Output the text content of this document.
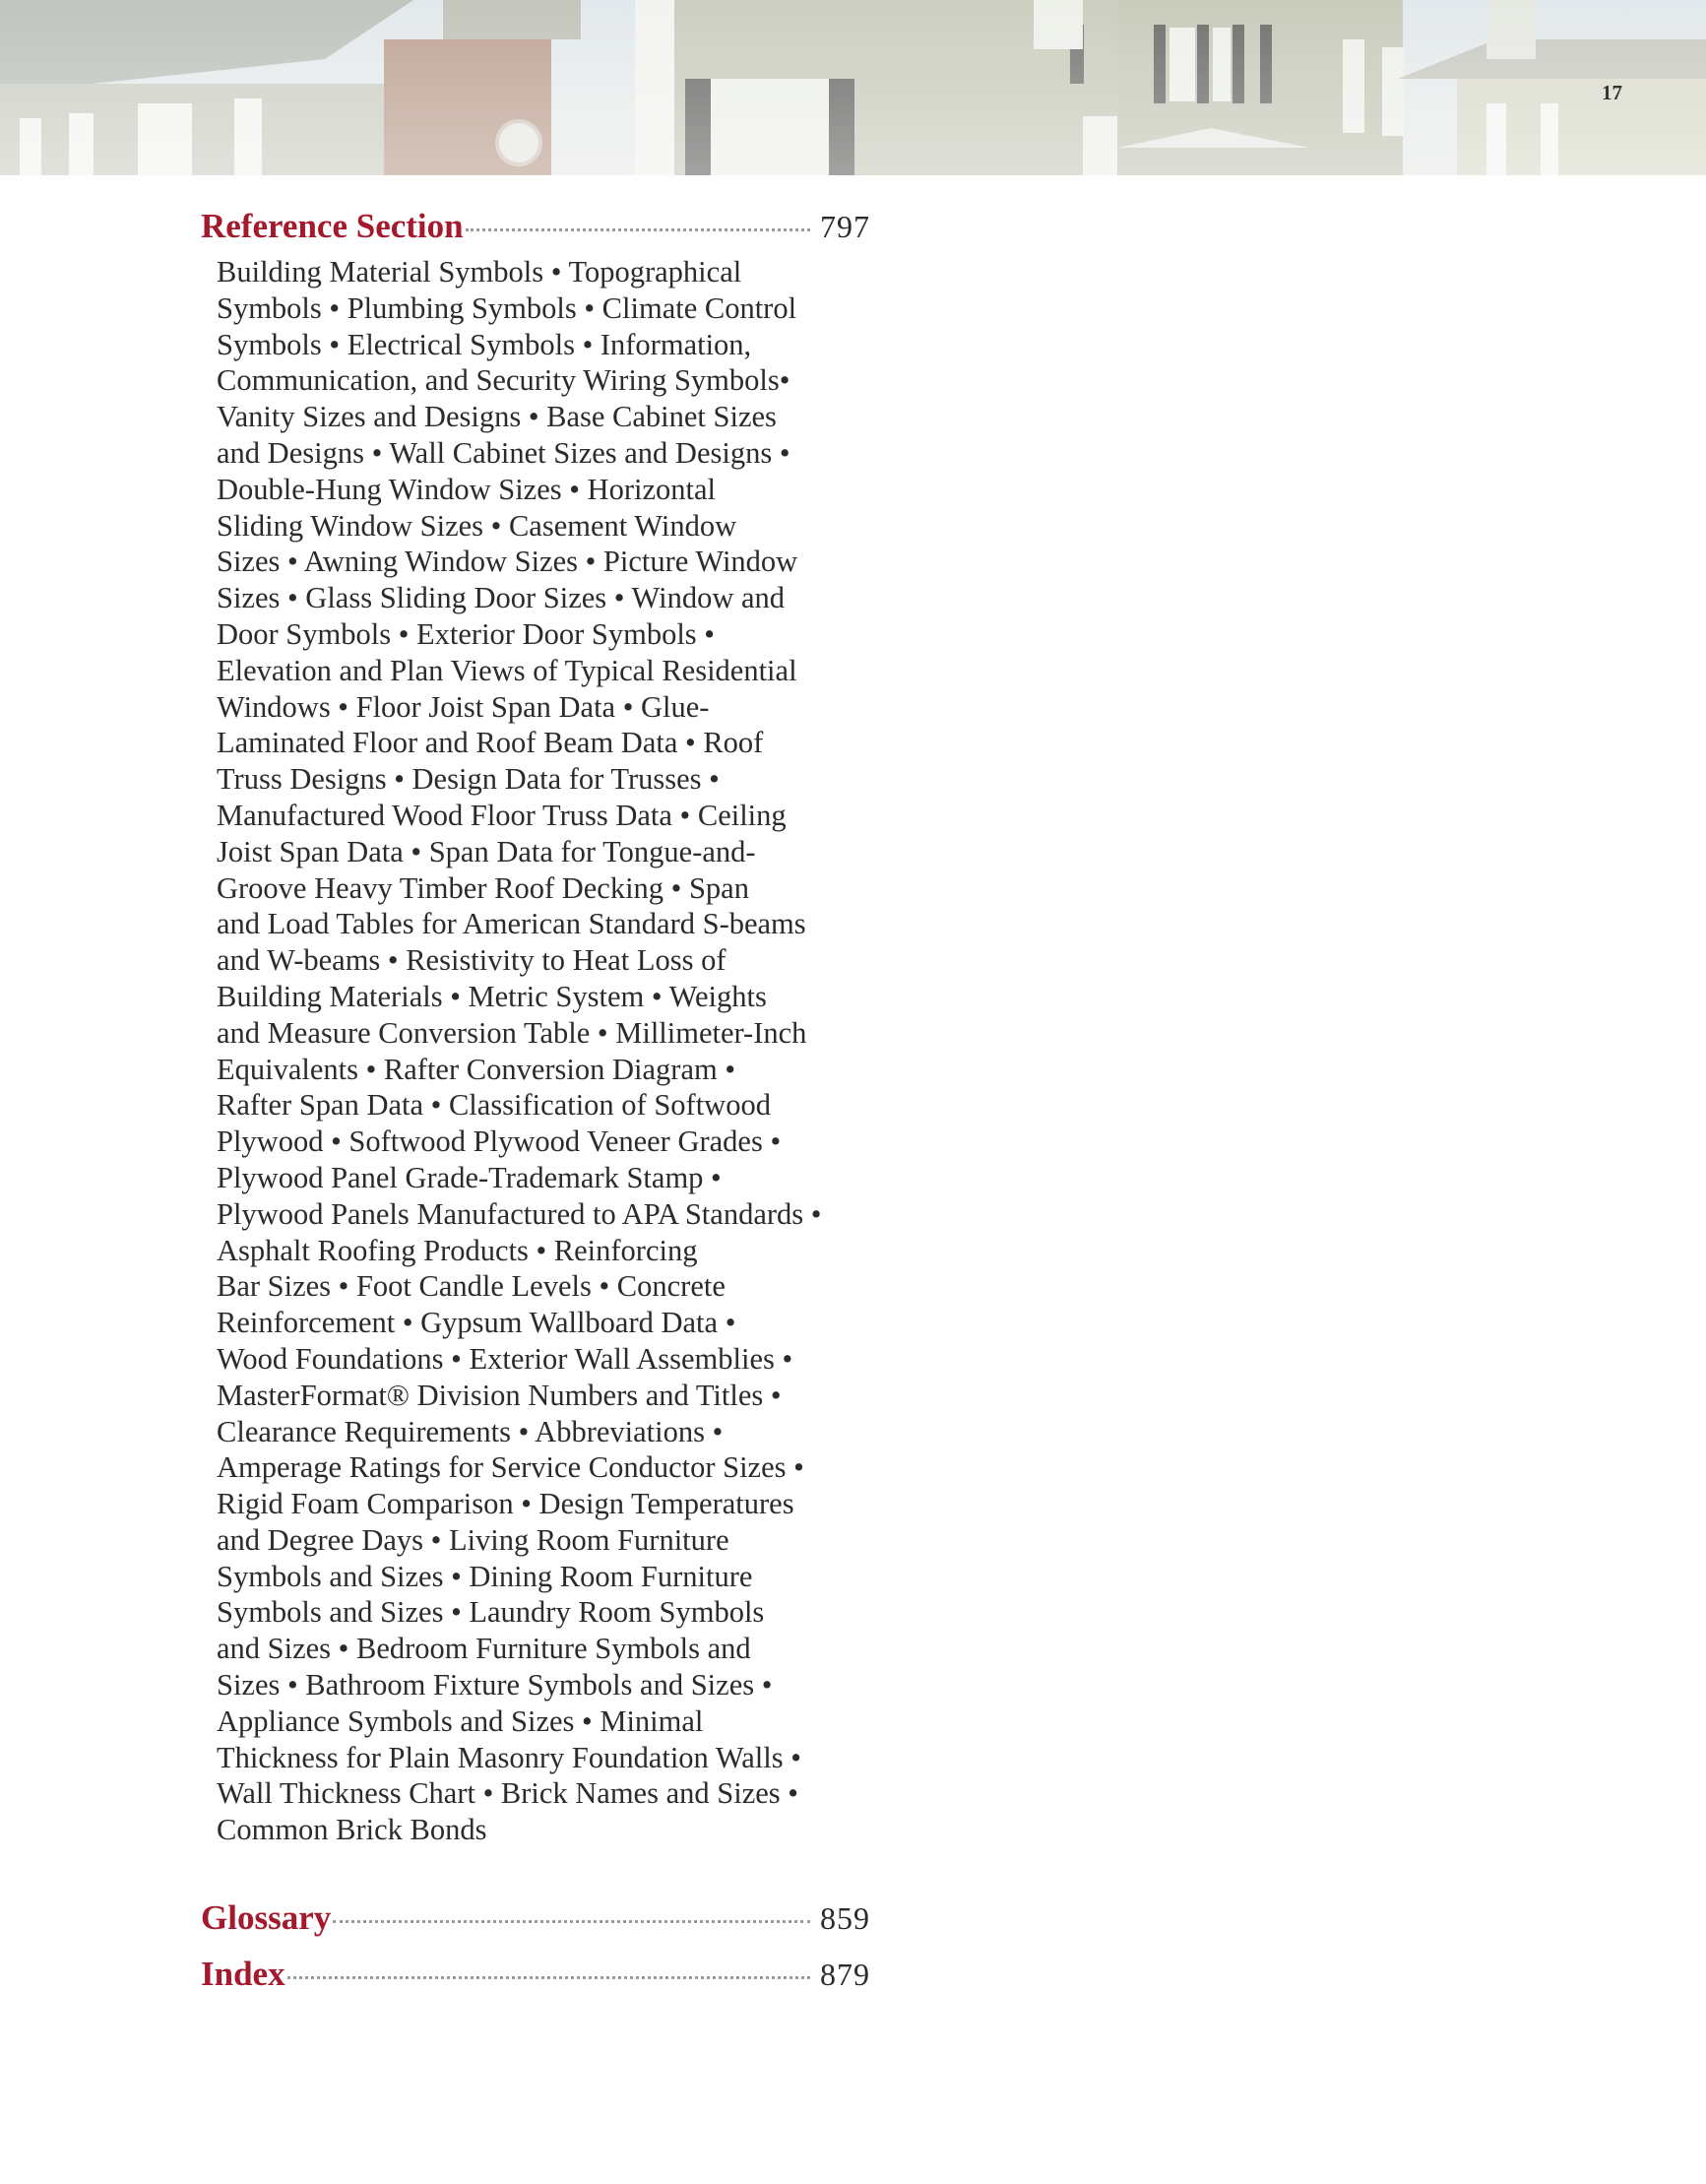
17
Reference Section	797
Building Material Symbols • Topographical
Symbols • Plumbing Symbols • Climate Control
Symbols • Electrical Symbols • Information,
Communication, and Security Wiring Symbols•
Vanity Sizes and Designs • Base Cabinet Sizes
and Designs • Wall Cabinet Sizes and Designs •
Double-Hung Window Sizes • Horizontal
Sliding Window Sizes • Casement Window
Sizes • Awning Window Sizes • Picture Window
Sizes • Glass Sliding Door Sizes • Window and
Door Symbols • Exterior Door Symbols •
Elevation and Plan Views of Typical Residential
Windows • Floor Joist Span Data • Glue-
Laminated Floor and Roof Beam Data • Roof
Truss Designs • Design Data for Trusses •
Manufactured Wood Floor Truss Data • Ceiling
Joist Span Data • Span Data for Tongue-and-
Groove Heavy Timber Roof Decking • Span
and Load Tables for American Standard S-beams
and W-beams • Resistivity to Heat Loss of
Building Materials • Metric System • Weights
and Measure Conversion Table • Millimeter-Inch
Equivalents • Rafter Conversion Diagram •
Rafter Span Data • Classification of Softwood
Plywood • Softwood Plywood Veneer Grades •
Plywood Panel Grade-Trademark Stamp •
Plywood Panels Manufactured to APA Standards •
Asphalt Roofing Products • Reinforcing
Bar Sizes • Foot Candle Levels • Concrete
Reinforcement • Gypsum Wallboard Data •
Wood Foundations • Exterior Wall Assemblies •
MasterFormat® Division Numbers and Titles •
Clearance Requirements • Abbreviations •
Amperage Ratings for Service Conductor Sizes •
Rigid Foam Comparison • Design Temperatures
and Degree Days • Living Room Furniture
Symbols and Sizes • Dining Room Furniture
Symbols and Sizes • Laundry Room Symbols
and Sizes • Bedroom Furniture Symbols and
Sizes • Bathroom Fixture Symbols and Sizes •
Appliance Symbols and Sizes • Minimal
Thickness for Plain Masonry Foundation Walls •
Wall Thickness Chart • Brick Names and Sizes •
Common Brick Bonds
Glossary	859
Index	879
